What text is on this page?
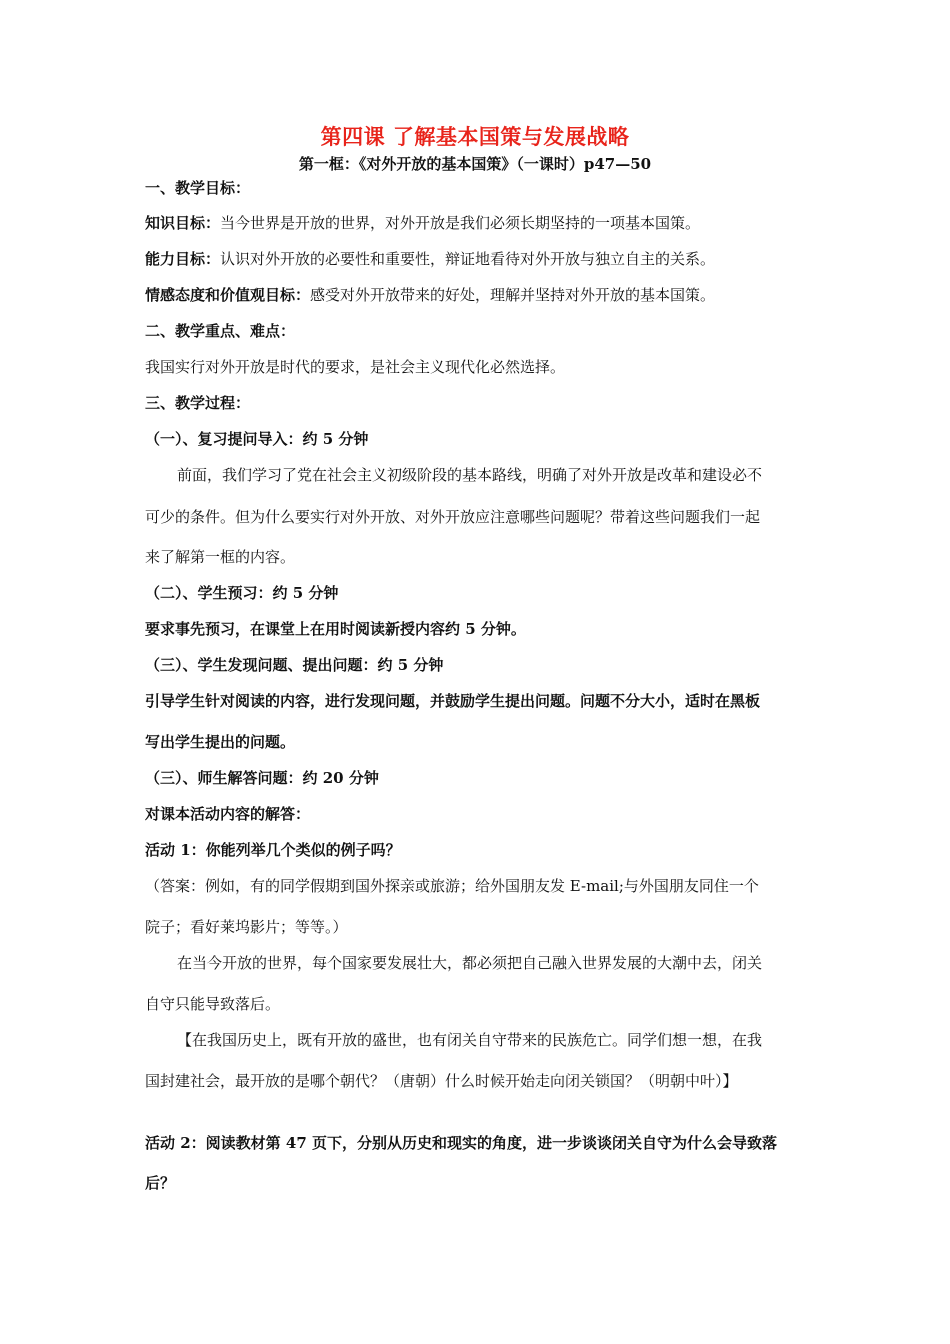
第四课 了解基本国策与发展战略
第一框：《对外开放的基本国策》（一课时）p47—50
一、教学目标：
知识目标：当今世界是开放的世界，对外开放是我们必须长期坚持的一项基本国策。
能力目标：认识对外开放的必要性和重要性，辩证地看待对外开放与独立自主的关系。
情感态度和价值观目标：感受对外开放带来的好处，理解并坚持对外开放的基本国策。
二、教学重点、难点：
我国实行对外开放是时代的要求，是社会主义现代化必然选择。
三、教学过程：
（一）、复习提问导入：约 5 分钟
前面，我们学习了党在社会主义初级阶段的基本路线，明确了对外开放是改革和建设必不
可少的条件。但为什么要实行对外开放、对外开放应注意哪些问题呢？带着这些问题我们一起
来了解第一框的内容。
（二）、学生预习：约 5 分钟
要求事先预习，在课堂上在用时阅读新授内容约 5 分钟。
（三）、学生发现问题、提出问题：约 5 分钟
引导学生针对阅读的内容，进行发现问题，并鼓励学生提出问题。问题不分大小，适时在黑板
写出学生提出的问题。
（三）、师生解答问题：约 20 分钟
对课本活动内容的解答：
活动 1：你能列举几个类似的例子吗？
（答案：例如，有的同学假期到国外探亲或旅游；给外国朋友发 E-mail;与外国朋友同住一个
院子；看好莱坞影片；等等。）
在当今开放的世界，每个国家要发展壮大，都必须把自己融入世界发展的大潮中去，闭关
自守只能导致落后。
【在我国历史上，既有开放的盛世，也有闭关自守带来的民族危亡。同学们想一想，在我
国封建社会，最开放的是哪个朝代？（唐朝）什么时候开始走向闭关锁国？（明朝中叶）】
活动 2：阅读教材第 47 页下，分别从历史和现实的角度，进一步谈谈闭关自守为什么会导致落
后？
